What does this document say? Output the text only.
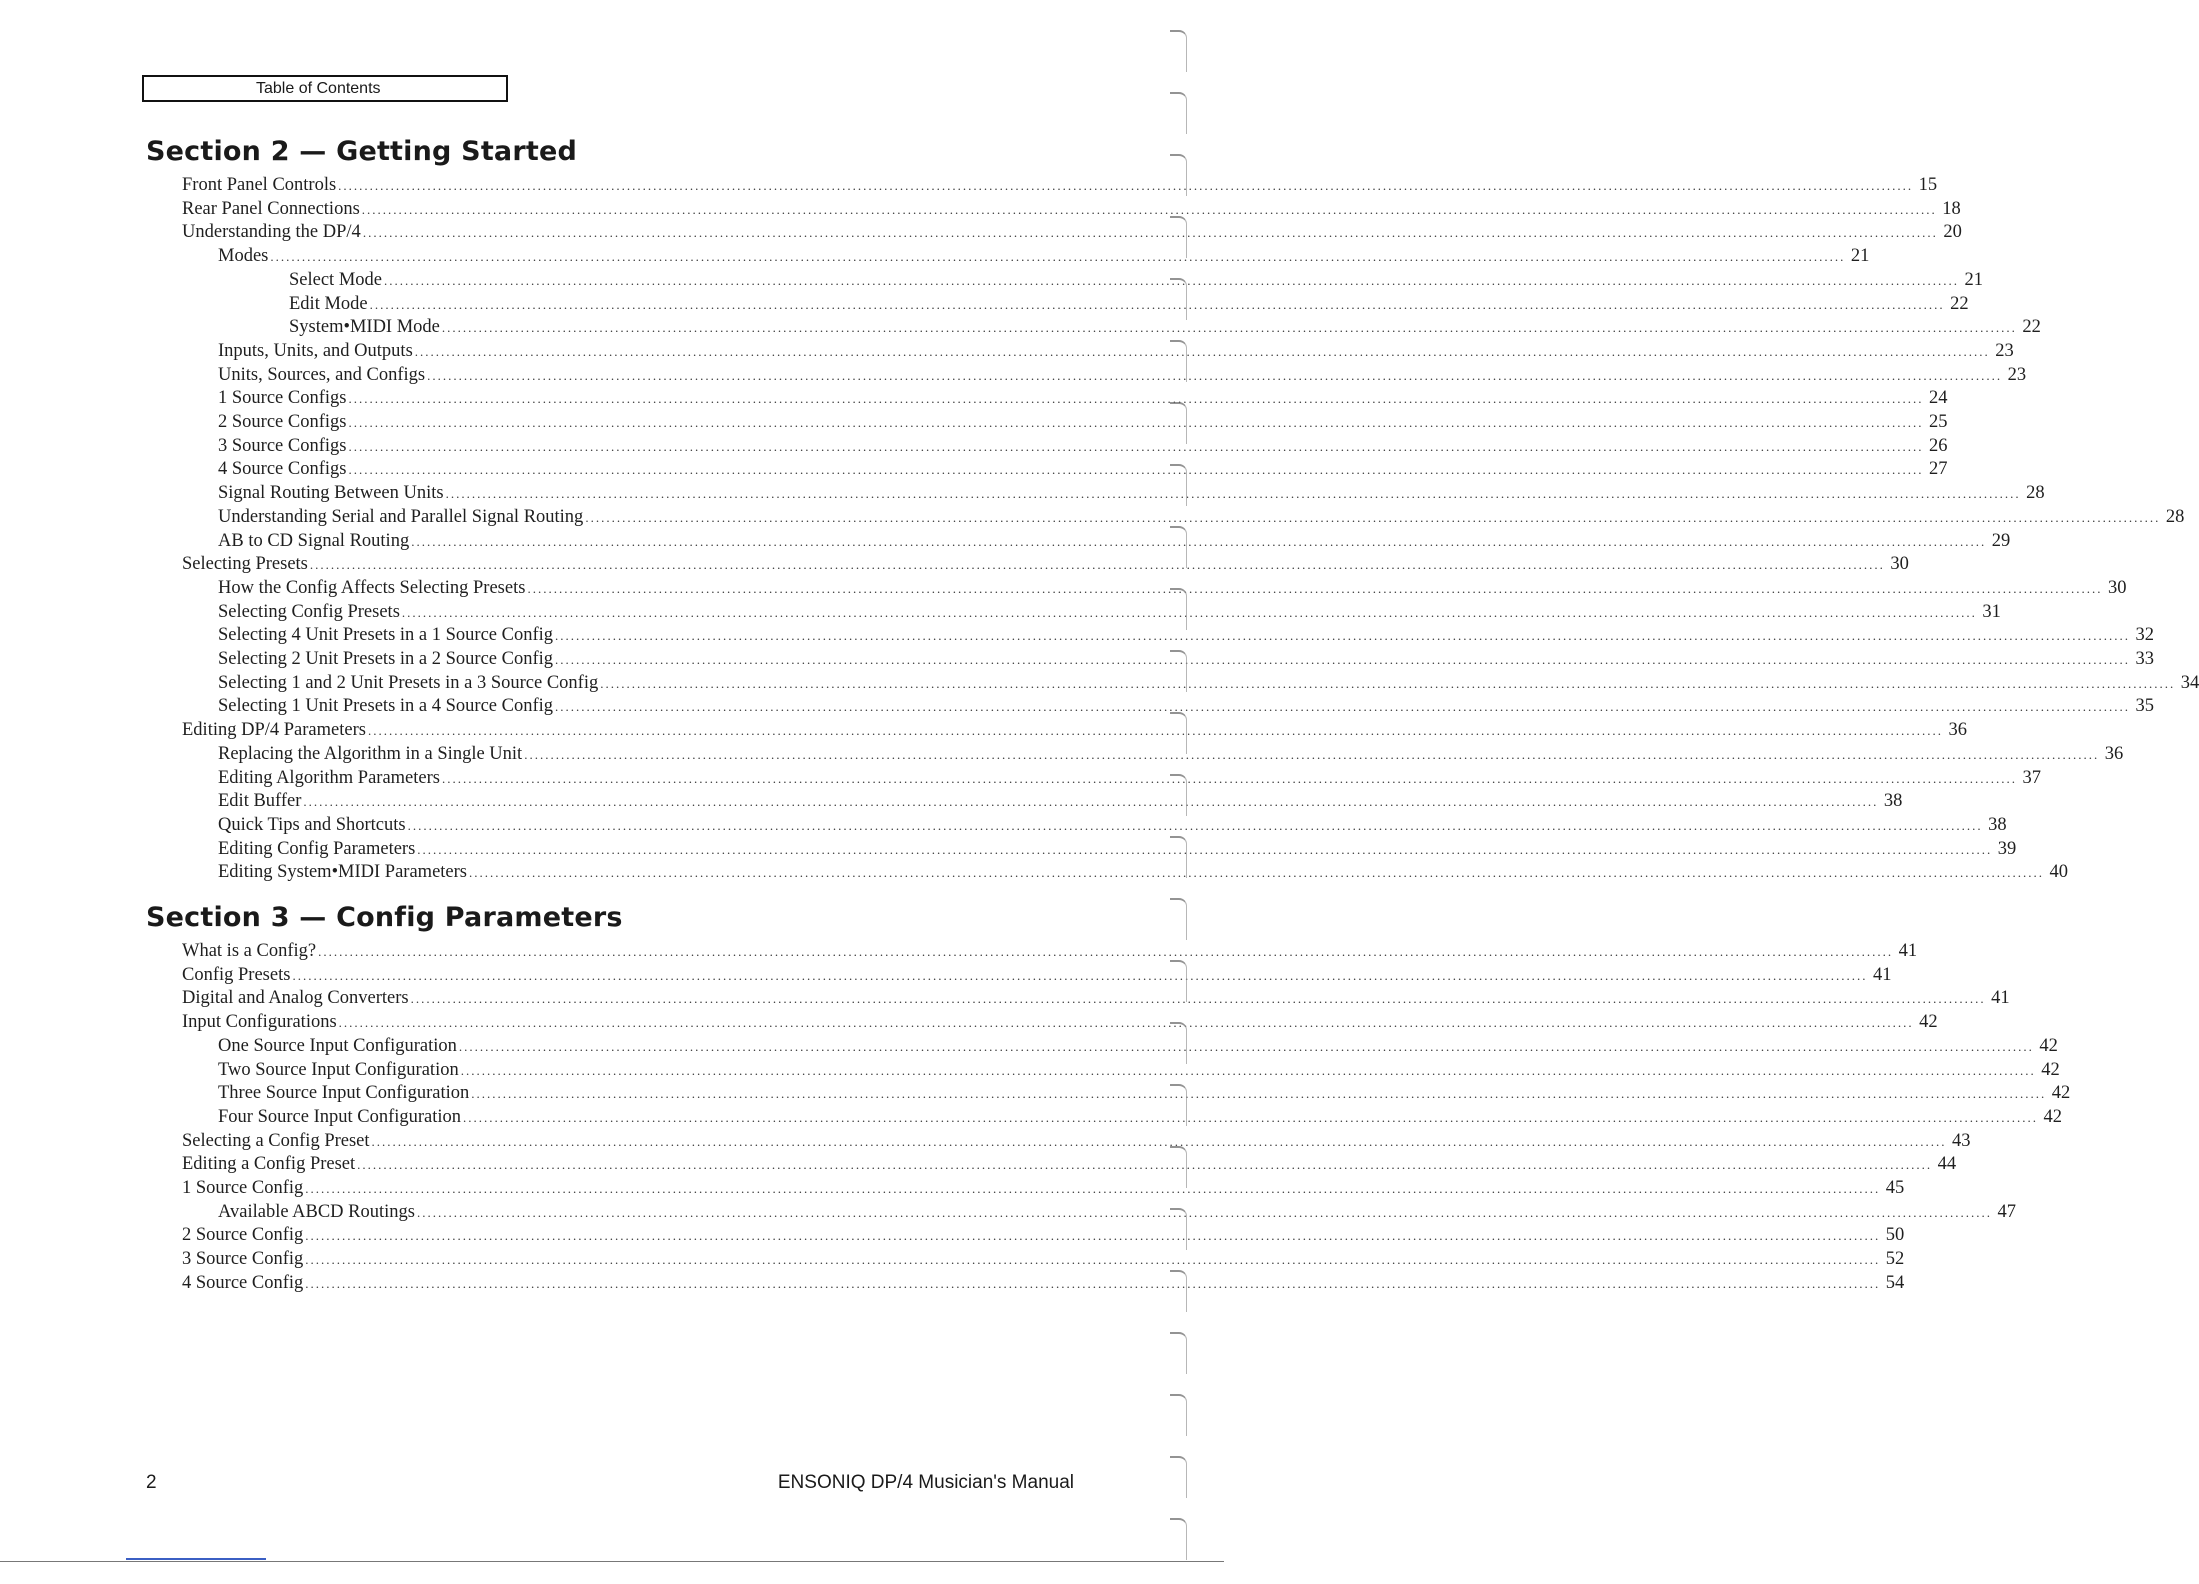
Table of Contents
Section 2 — Getting Started
Front Panel Controls ............................................................................................................................................................................................................................................................................................................ 15
Rear Panel Connections ............................................................................................................................................................................................................................................................................................................ 18
Understanding the DP/4 ............................................................................................................................................................................................................................................................................................................ 20
Modes ............................................................................................................................................................................................................................................................................................................ 21
Select Mode ............................................................................................................................................................................................................................................................................................................ 21
Edit Mode ............................................................................................................................................................................................................................................................................................................ 22
System•MIDI Mode ............................................................................................................................................................................................................................................................................................................ 22
Inputs, Units, and Outputs ............................................................................................................................................................................................................................................................................................................ 23
Units, Sources, and Configs ............................................................................................................................................................................................................................................................................................................ 23
1 Source Configs ............................................................................................................................................................................................................................................................................................................ 24
2 Source Configs ............................................................................................................................................................................................................................................................................................................ 25
3 Source Configs ............................................................................................................................................................................................................................................................................................................ 26
4 Source Configs ............................................................................................................................................................................................................................................................................................................ 27
Signal Routing Between Units ............................................................................................................................................................................................................................................................................................................ 28
Understanding Serial and Parallel Signal Routing ............................................................................................................................................................................................................................................................................................................ 28
AB to CD Signal Routing ............................................................................................................................................................................................................................................................................................................ 29
Selecting Presets ............................................................................................................................................................................................................................................................................................................ 30
How the Config Affects Selecting Presets ............................................................................................................................................................................................................................................................................................................ 30
Selecting Config Presets ............................................................................................................................................................................................................................................................................................................ 31
Selecting 4 Unit Presets in a 1 Source Config ............................................................................................................................................................................................................................................................................................................ 32
Selecting 2 Unit Presets in a 2 Source Config ............................................................................................................................................................................................................................................................................................................ 33
Selecting 1 and 2 Unit Presets in a 3 Source Config ............................................................................................................................................................................................................................................................................................................ 34
Selecting 1 Unit Presets in a 4 Source Config ............................................................................................................................................................................................................................................................................................................ 35
Editing DP/4 Parameters ............................................................................................................................................................................................................................................................................................................ 36
Replacing the Algorithm in a Single Unit ............................................................................................................................................................................................................................................................................................................ 36
Editing Algorithm Parameters ............................................................................................................................................................................................................................................................................................................ 37
Edit Buffer ............................................................................................................................................................................................................................................................................................................ 38
Quick Tips and Shortcuts ............................................................................................................................................................................................................................................................................................................ 38
Editing Config Parameters ............................................................................................................................................................................................................................................................................................................ 39
Editing System•MIDI Parameters ............................................................................................................................................................................................................................................................................................................ 40
Section 3 — Config Parameters
What is a Config? ............................................................................................................................................................................................................................................................................................................ 41
Config Presets ............................................................................................................................................................................................................................................................................................................ 41
Digital and Analog Converters ............................................................................................................................................................................................................................................................................................................ 41
Input Configurations ............................................................................................................................................................................................................................................................................................................ 42
One Source Input Configuration ............................................................................................................................................................................................................................................................................................................ 42
Two Source Input Configuration ............................................................................................................................................................................................................................................................................................................ 42
Three Source Input Configuration ............................................................................................................................................................................................................................................................................................................ 42
Four Source Input Configuration ............................................................................................................................................................................................................................................................................................................ 42
Selecting a Config Preset ............................................................................................................................................................................................................................................................................................................ 43
Editing a Config Preset ............................................................................................................................................................................................................................................................................................................ 44
1 Source Config ............................................................................................................................................................................................................................................................................................................ 45
Available ABCD Routings ............................................................................................................................................................................................................................................................................................................ 47
2 Source Config ............................................................................................................................................................................................................................................................................................................ 50
3 Source Config ............................................................................................................................................................................................................................................................................................................ 52
4 Source Config ............................................................................................................................................................................................................................................................................................................ 54
2	ENSONIQ DP/4 Musician's Manual
